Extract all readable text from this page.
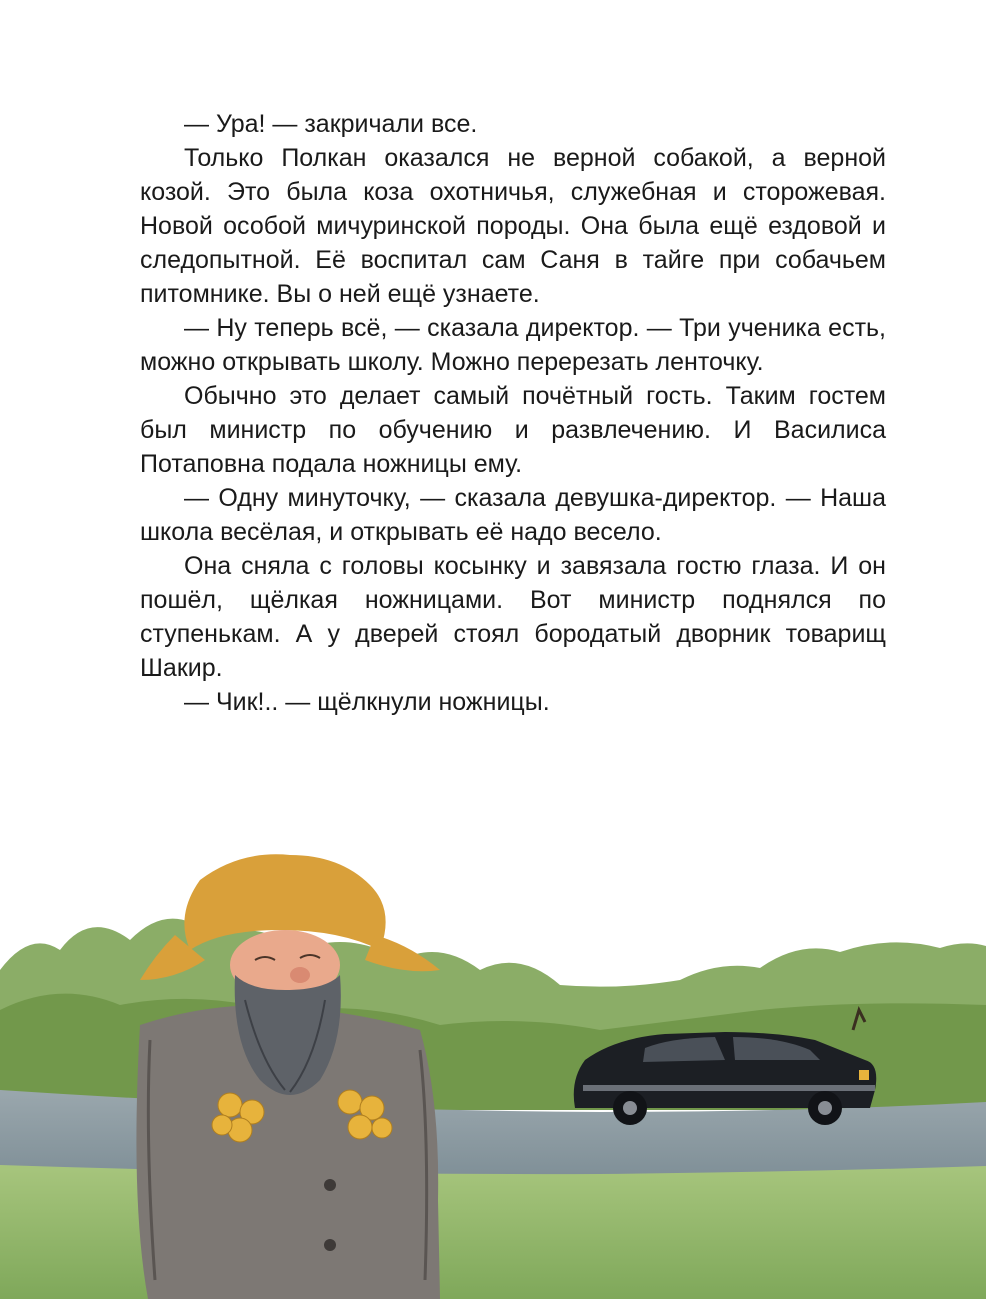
— Ура! — закричали все.

Только Полкан оказался не верной собакой, а верной козой. Это была коза охотничья, служебная и сторожевая. Новой особой мичуринской породы. Она была ещё ездовой и следопытной. Её воспитал сам Саня в тайге при собачьем питомнике. Вы о ней ещё узнаете.

— Ну теперь всё, — сказала директор. — Три ученика есть, можно открывать школу. Можно перерезать ленточку.

Обычно это делает самый почётный гость. Таким гостем был министр по обучению и развлечению. И Василиса Потаповна подала ножницы ему.

— Одну минуточку, — сказала девушка-директор. — Наша школа весёлая, и открывать её надо весело.

Она сняла с головы косынку и завязала гостю глаза. И он пошёл, щёлкая ножницами. Вот министр поднялся по ступенькам. А у дверей стоял бородатый дворник товарищ Шакир.

— Чик!.. — щёлкнули ножницы.
